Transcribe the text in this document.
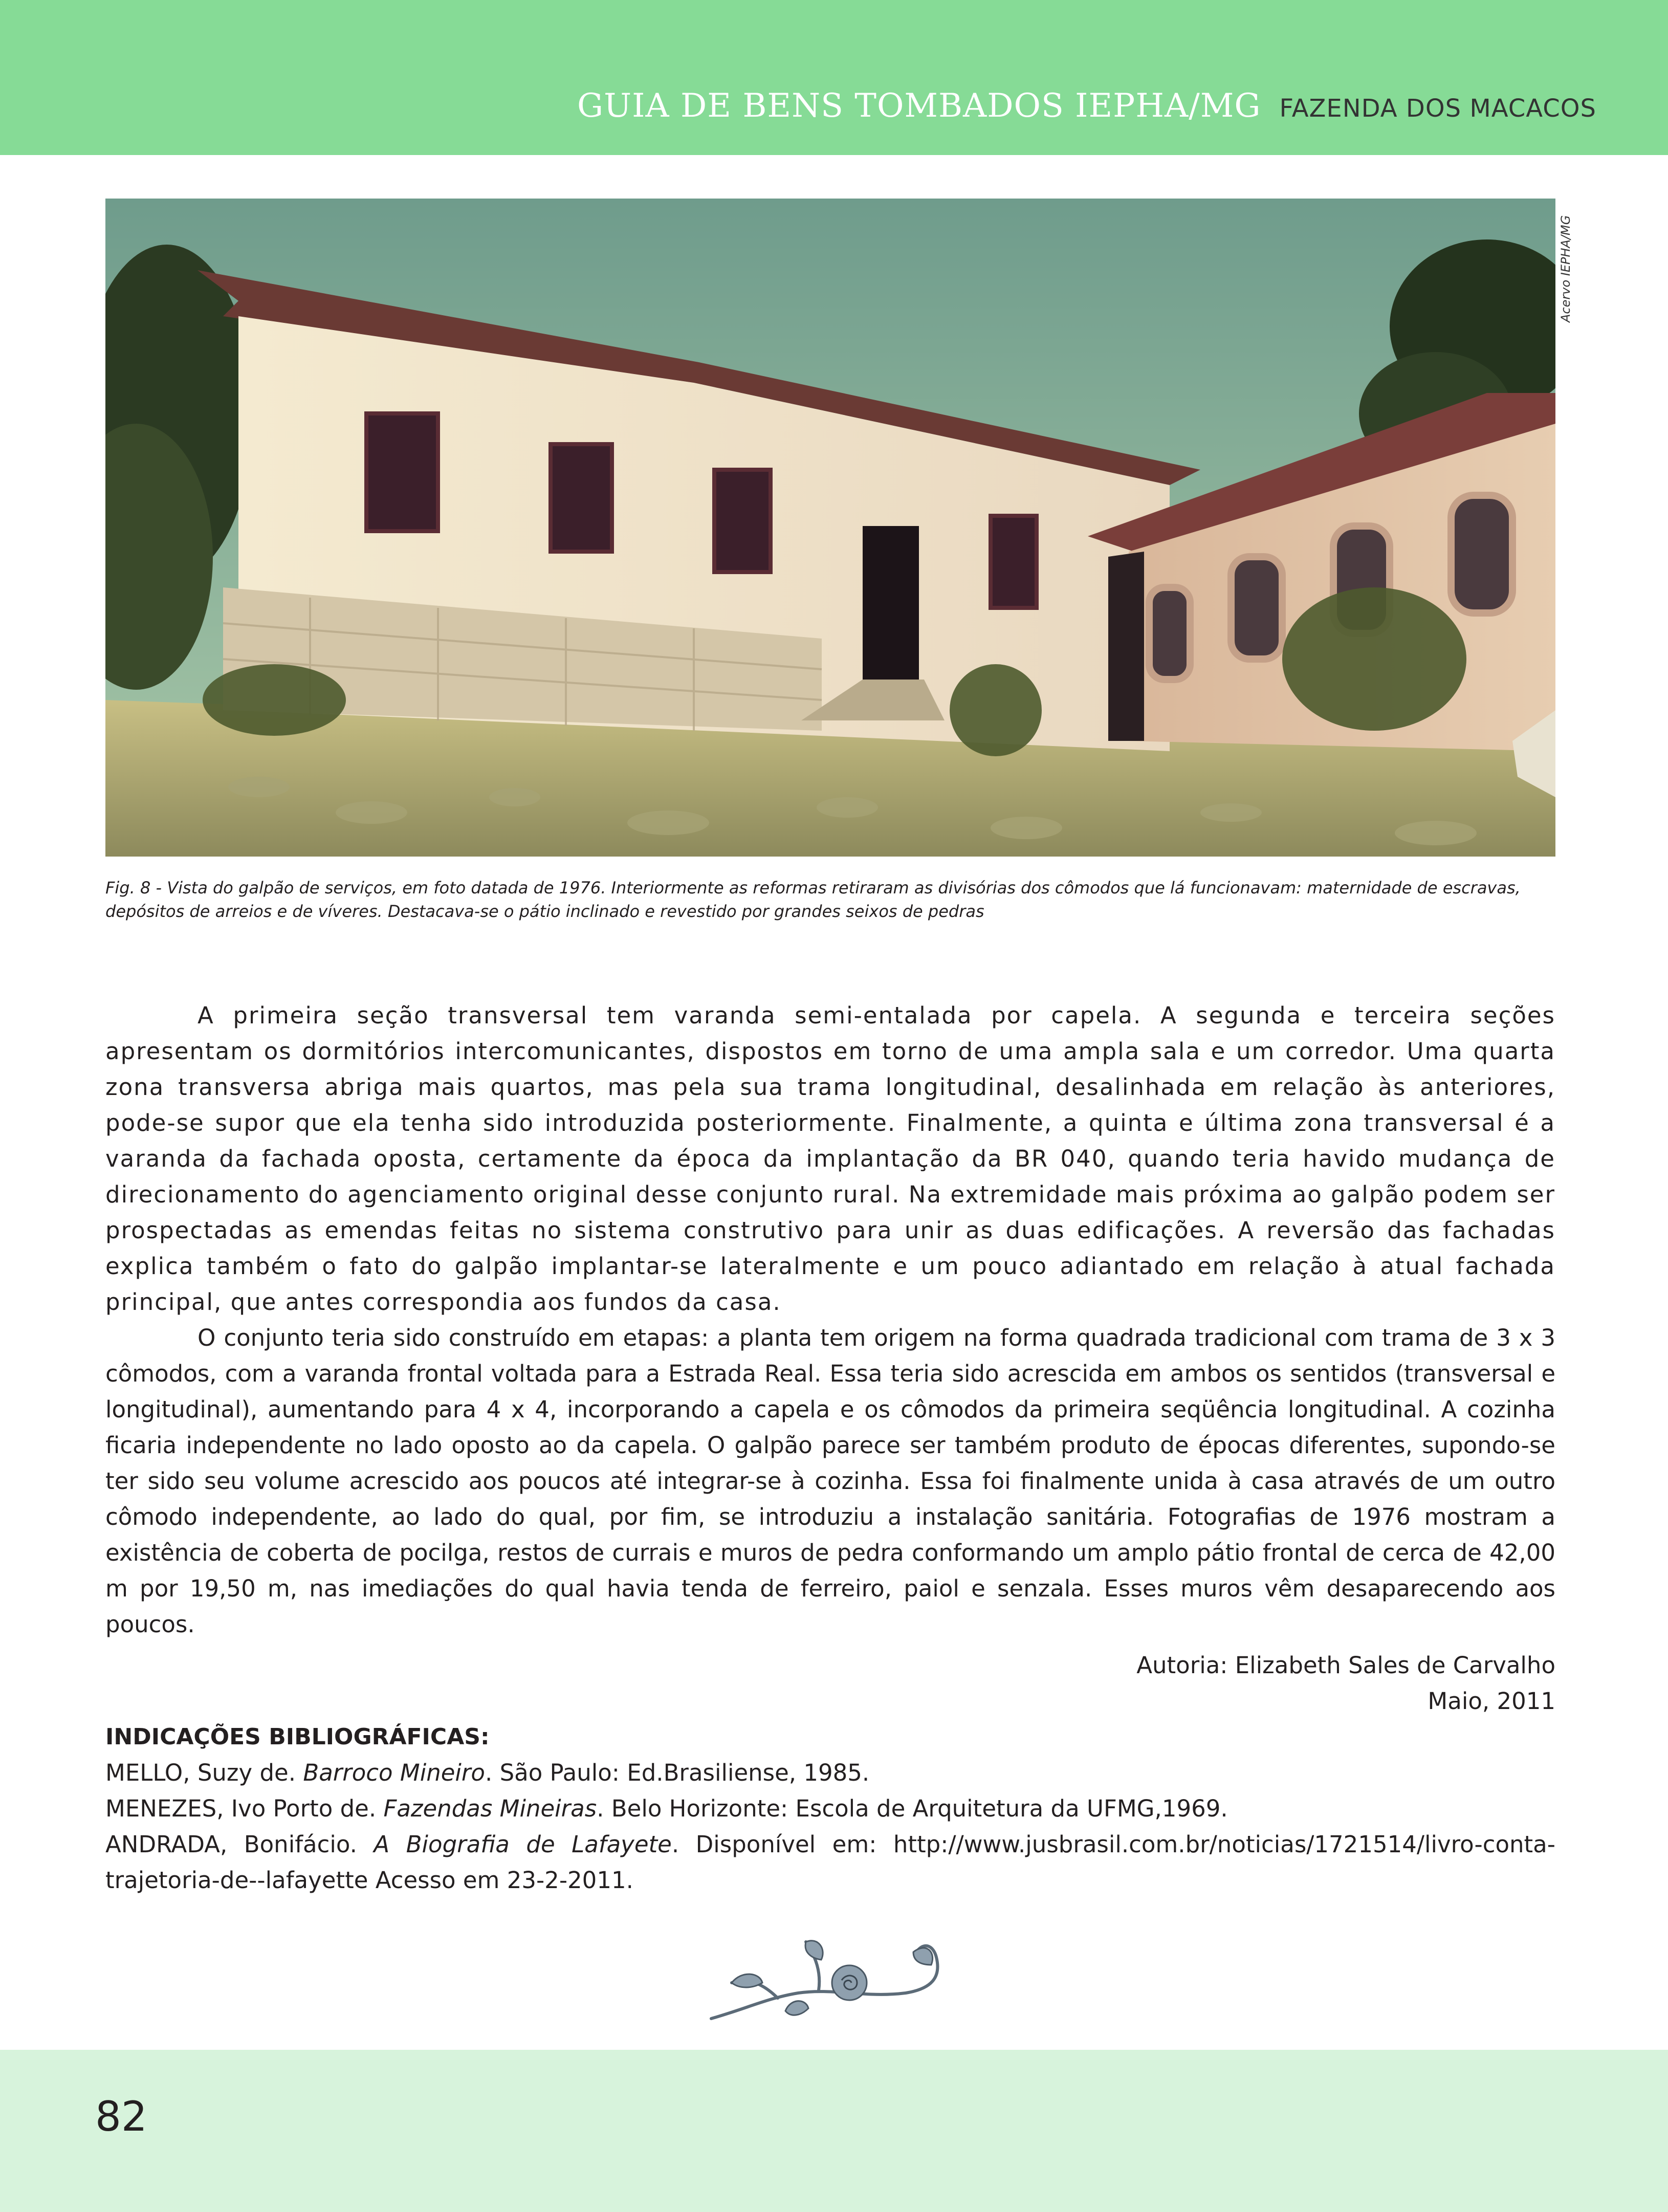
GUIA DE BENS TOMBADOS IEPHA/MG FAZENDA DOS MACACOS
Acervo IEPHA/MG
Fig. 8 - Vista do galpão de serviços, em foto datada de 1976. Interiormente as reformas retiraram as divisórias dos cômodos que lá funcionavam: maternidade de escravas, depósitos de arreios e de víveres. Destacava-se o pátio inclinado e revestido por grandes seixos de pedras

A primeira seção transversal tem varanda semi-entalada por capela. A segunda e terceira seções apresentam os dormitórios intercomunicantes, dispostos em torno de uma ampla sala e um corredor. Uma quarta zona transversa abriga mais quartos, mas pela sua trama longitudinal, desalinhada em relação às anteriores, pode-se supor que ela tenha sido introduzida posteriormente. Finalmente, a quinta e última zona transversal é a varanda da fachada oposta, certamente da época da implantação da BR 040, quando teria havido mudança de direcionamento do agenciamento original desse conjunto rural. Na extremidade mais próxima ao galpão podem ser prospectadas as emendas feitas no sistema construtivo para unir as duas edificações. A reversão das fachadas explica também o fato do galpão implantar-se lateralmente e um pouco adiantado em relação à atual fachada principal, que antes correspondia aos fundos da casa.

O conjunto teria sido construído em etapas: a planta tem origem na forma quadrada tradicional com trama de 3 x 3 cômodos, com a varanda frontal voltada para a Estrada Real. Essa teria sido acrescida em ambos os sentidos (transversal e longitudinal), aumentando para 4 x 4, incorporando a capela e os cômodos da primeira seqüência longitudinal. A cozinha ficaria independente no lado oposto ao da capela. O galpão parece ser também produto de épocas diferentes, supondo-se ter sido seu volume acrescido aos poucos até integrar-se à cozinha. Essa foi finalmente unida à casa através de um outro cômodo independente, ao lado do qual, por fim, se introduziu a instalação sanitária. Fotografias de 1976 mostram a existência de coberta de pocilga, restos de currais e muros de pedra conformando um amplo pátio frontal de cerca de 42,00 m por 19,50 m, nas imediações do qual havia tenda de ferreiro, paiol e senzala. Esses muros vêm desaparecendo aos poucos.

Autoria: Elizabeth Sales de Carvalho
Maio, 2011
INDICAÇÕES BIBLIOGRÁFICAS:

MELLO, Suzy de. Barroco Mineiro. São Paulo: Ed.Brasiliense, 1985.

MENEZES, Ivo Porto de. Fazendas Mineiras. Belo Horizonte: Escola de Arquitetura da UFMG,1969.

ANDRADA, Bonifácio. A Biografia de Lafayete. Disponível em: http://www.jusbrasil.com.br/noticias/1721514/livro-conta-trajetoria-de--lafayette Acesso em 23-2-2011.

82
